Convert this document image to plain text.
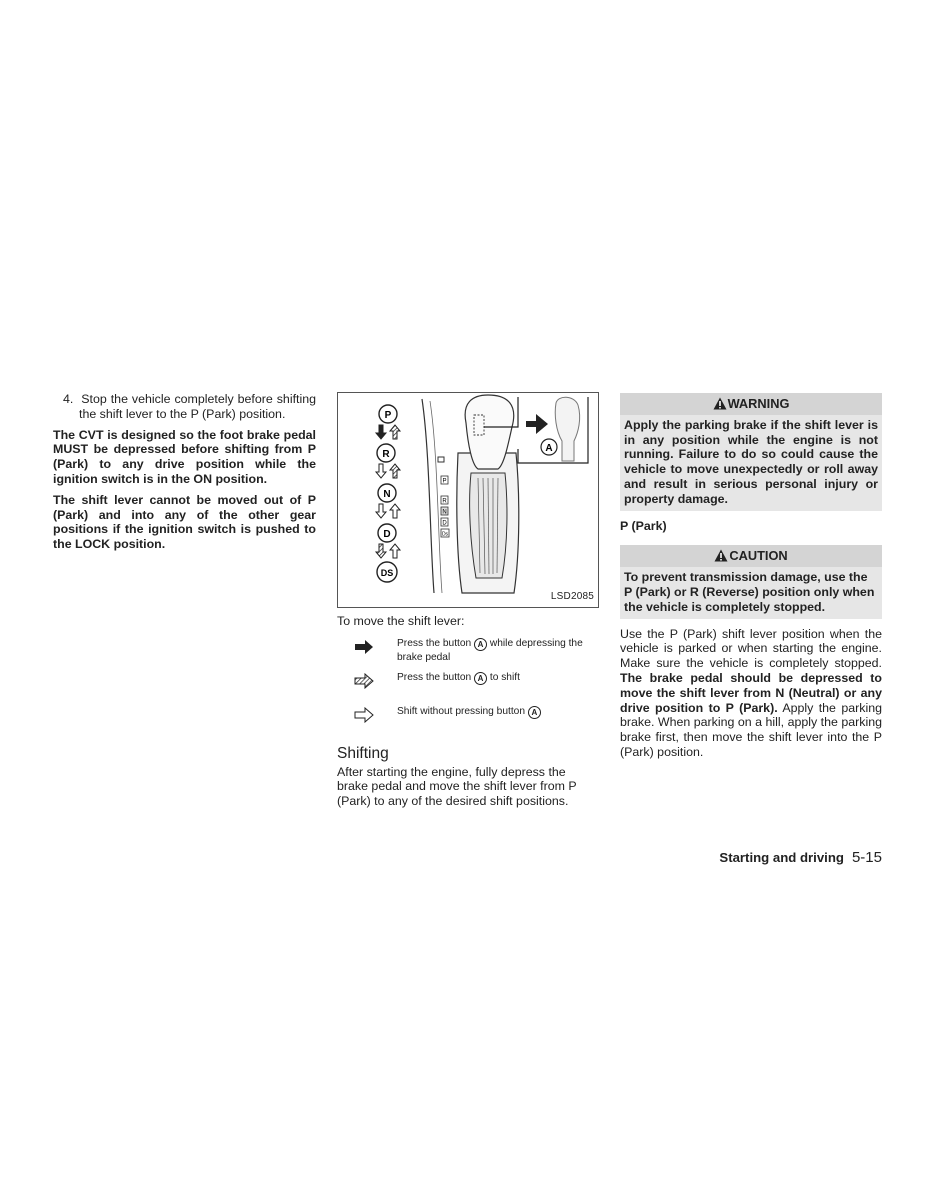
4. Stop the vehicle completely before shifting the shift lever to the P (Park) position.

The CVT is designed so the foot brake pedal MUST be depressed before shifting from P (Park) to any drive position while the ignition switch is in the ON position.

The shift lever cannot be moved out of P (Park) and into any of the other gear positions if the ignition switch is pushed to the LOCK position.

P
R
N
D
DS
P
R
N
D
Ds
A
LSD2085

To move the shift lever:

Press the button A while depressing the brake pedal
Press the button A to shift
Shift without pressing button A
Shifting

After starting the engine, fully depress the brake pedal and move the shift lever from P (Park) to any of the desired shift positions.

WARNING
Apply the parking brake if the shift lever is in any position while the engine is not running. Failure to do so could cause the vehicle to move unexpectedly or roll away and result in serious personal injury or property damage.

P (Park)

CAUTION
To prevent transmission damage, use the P (Park) or R (Reverse) position only when the vehicle is completely stopped.

Use the P (Park) shift lever position when the vehicle is parked or when starting the engine. Make sure the vehicle is completely stopped. The brake pedal should be depressed to move the shift lever from N (Neutral) or any drive position to P (Park). Apply the parking brake. When parking on a hill, apply the parking brake first, then move the shift lever into the P (Park) position.

Starting and driving 5-15
